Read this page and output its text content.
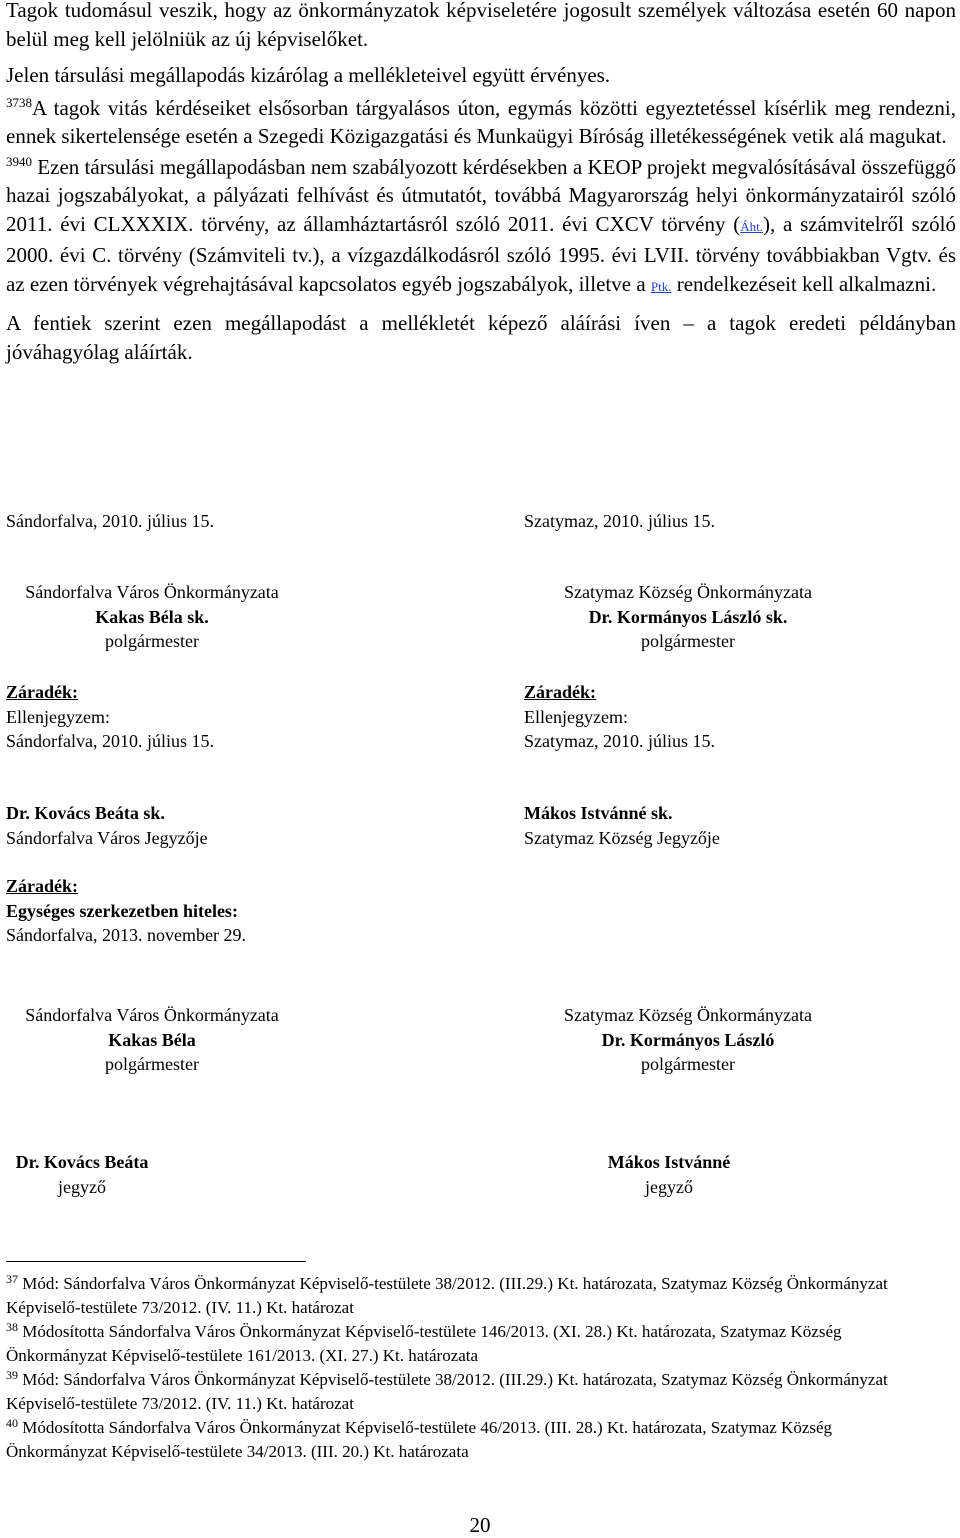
Tagok tudomásul veszik, hogy az önkormányzatok képviseletére jogosult személyek változása esetén 60 napon belül meg kell jelölniük az új képviselőket.

Jelen társulási megállapodás kizárólag a mellékleteivel együtt érvényes.

$^{3738}$A tagok vitás kérdéseiket elsősorban tárgyalásos úton, egymás közötti egyeztetéssel kísérlik meg rendezni, ennek sikertelensége esetén a Szegedi Közigazgatási és Munkaügyi Bíróság illetékességének vetik alá magukat.

$^{3940}$ Ezen társulási megállapodásban nem szabályozott kérdésekben a KEOP projekt megvalósításával összefüggő hazai jogszabályokat, a pályázati felhívást és útmutatót, továbbá Magyarország helyi önkormányzatairól szóló 2011. évi CLXXXIX. törvény, az államháztartásról szóló 2011. évi CXCV törvény (Áht.), a számvitelről szóló 2000. évi C. törvény (Számviteli tv.), a vízgazdálkodásról szóló 1995. évi LVII. törvény továbbiakban Vgtv. és az ezen törvények végrehajtásával kapcsolatos egyéb jogszabályok, illetve a Ptk. rendelkezéseit kell alkalmazni.

A fentiek szerint ezen megállapodást a mellékletét képező aláírási íven – a tagok eredeti példányban jóváhagyólag aláírták.

Sándorfalva, 2010. július 15.	Szatymaz, 2010. július 15.
Sándorfalva Város Önkormányzata
Kakas Béla sk.
polgármester
Szatymaz Község Önkormányzata
Dr. Kormányos László sk.
polgármester
Záradék:
Ellenjegyzem:
Sándorfalva, 2010. július 15.
Záradék:
Ellenjegyzem:
Szatymaz, 2010. július 15.
Dr. Kovács Beáta sk.
Sándorfalva Város Jegyzője
Mákos Istvánné sk.
Szatymaz Község Jegyzője
Záradék:
Egységes szerkezetben hiteles:
Sándorfalva, 2013. november 29.
Sándorfalva Város Önkormányzata
Kakas Béla
polgármester
Szatymaz Község Önkormányzata
Dr. Kormányos László
polgármester
Dr. Kovács Beáta
jegyző
Mákos Istvánné
jegyző
$^{37}$ Mód: Sándorfalva Város Önkormányzat Képviselő-testülete 38/2012. (III.29.) Kt. határozata, Szatymaz Község Önkormányzat Képviselő-testülete 73/2012. (IV. 11.) Kt. határozat
$^{38}$ Módosította Sándorfalva Város Önkormányzat Képviselő-testülete 146/2013. (XI. 28.) Kt. határozata, Szatymaz Község Önkormányzat Képviselő-testülete 161/2013. (XI. 27.) Kt. határozata
$^{39}$ Mód: Sándorfalva Város Önkormányzat Képviselő-testülete 38/2012. (III.29.) Kt. határozata, Szatymaz Község Önkormányzat Képviselő-testülete 73/2012. (IV. 11.) Kt. határozat
$^{40}$ Módosította Sándorfalva Város Önkormányzat Képviselő-testülete 46/2013. (III. 28.) Kt. határozata, Szatymaz Község Önkormányzat Képviselő-testülete 34/2013. (III. 20.) Kt. határozata
20
